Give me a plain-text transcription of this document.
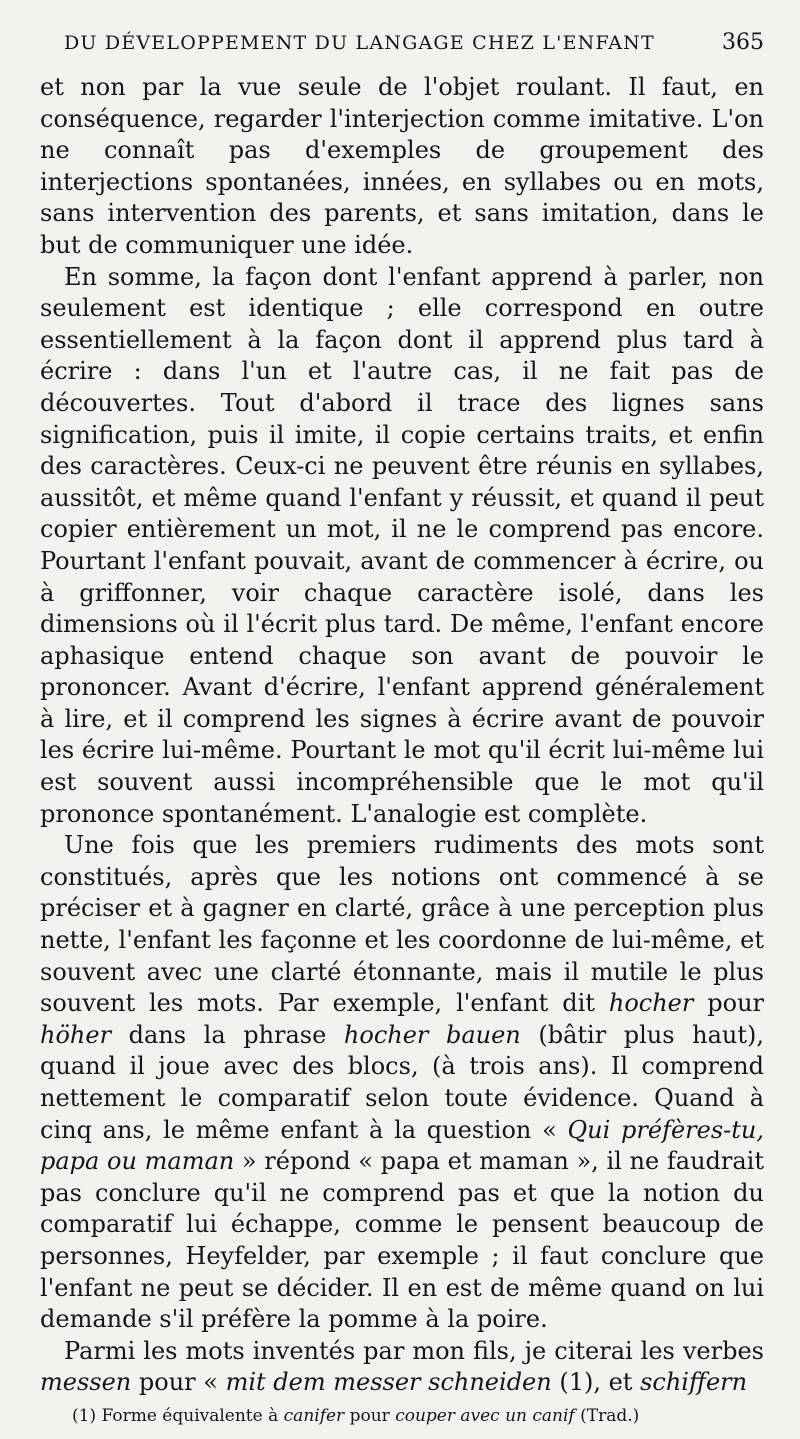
DU DÉVELOPPEMENT DU LANGAGE CHEZ L'ENFANT	365

et non par la vue seule de l'objet roulant. Il faut, en conséquence, regarder l'interjection comme imitative. L'on ne connaît pas d'exemples de groupement des interjections spontanées, innées, en syllabes ou en mots, sans intervention des parents, et sans imitation, dans le but de communiquer une idée.

En somme, la façon dont l'enfant apprend à parler, non seulement est identique ; elle correspond en outre essentiellement à la façon dont il apprend plus tard à écrire : dans l'un et l'autre cas, il ne fait pas de découvertes. Tout d'abord il trace des lignes sans signification, puis il imite, il copie certains traits, et enfin des caractères. Ceux-ci ne peuvent être réunis en syllabes, aussitôt, et même quand l'enfant y réussit, et quand il peut copier entièrement un mot, il ne le comprend pas encore. Pourtant l'enfant pouvait, avant de commencer à écrire, ou à griffonner, voir chaque caractère isolé, dans les dimensions où il l'écrit plus tard. De même, l'enfant encore aphasique entend chaque son avant de pouvoir le prononcer. Avant d'écrire, l'enfant apprend généralement à lire, et il comprend les signes à écrire avant de pouvoir les écrire lui-même. Pourtant le mot qu'il écrit lui-même lui est souvent aussi incompréhensible que le mot qu'il prononce spontanément. L'analogie est complète.

Une fois que les premiers rudiments des mots sont constitués, après que les notions ont commencé à se préciser et à gagner en clarté, grâce à une perception plus nette, l'enfant les façonne et les coordonne de lui-même, et souvent avec une clarté étonnante, mais il mutile le plus souvent les mots. Par exemple, l'enfant dit hocher pour höher dans la phrase hocher bauen (bâtir plus haut), quand il joue avec des blocs, (à trois ans). Il comprend nettement le comparatif selon toute évidence. Quand à cinq ans, le même enfant à la question « Qui préfères-tu, papa ou maman » répond « papa et maman », il ne faudrait pas conclure qu'il ne comprend pas et que la notion du comparatif lui échappe, comme le pensent beaucoup de personnes, Heyfelder, par exemple ; il faut conclure que l'enfant ne peut se décider. Il en est de même quand on lui demande s'il préfère la pomme à la poire.

Parmi les mots inventés par mon fils, je citerai les verbes messen pour « mit dem messer schneiden (1), et schiffern

(1) Forme équivalente à canifer pour couper avec un canif (Trad.)
